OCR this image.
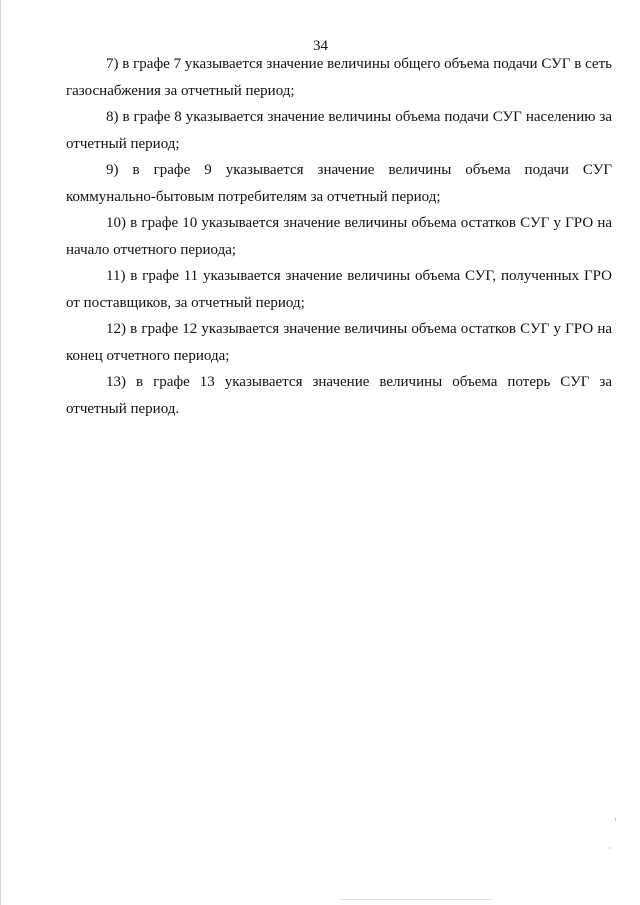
34

7) в графе 7 указывается значение величины общего объема подачи СУГ в сеть газоснабжения за отчетный период;

8) в графе 8 указывается значение величины объема подачи СУГ населению за отчетный период;

9) в графе 9 указывается значение величины объема подачи СУГ коммунально-бытовым потребителям за отчетный период;

10) в графе 10 указывается значение величины объема остатков СУГ у ГРО на начало отчетного периода;

11) в графе 11 указывается значение величины объема СУГ, полученных ГРО от поставщиков, за отчетный период;

12) в графе 12 указывается значение величины объема остатков СУГ у ГРО на конец отчетного периода;

13) в графе 13 указывается значение величины объема потерь СУГ за отчетный период.
